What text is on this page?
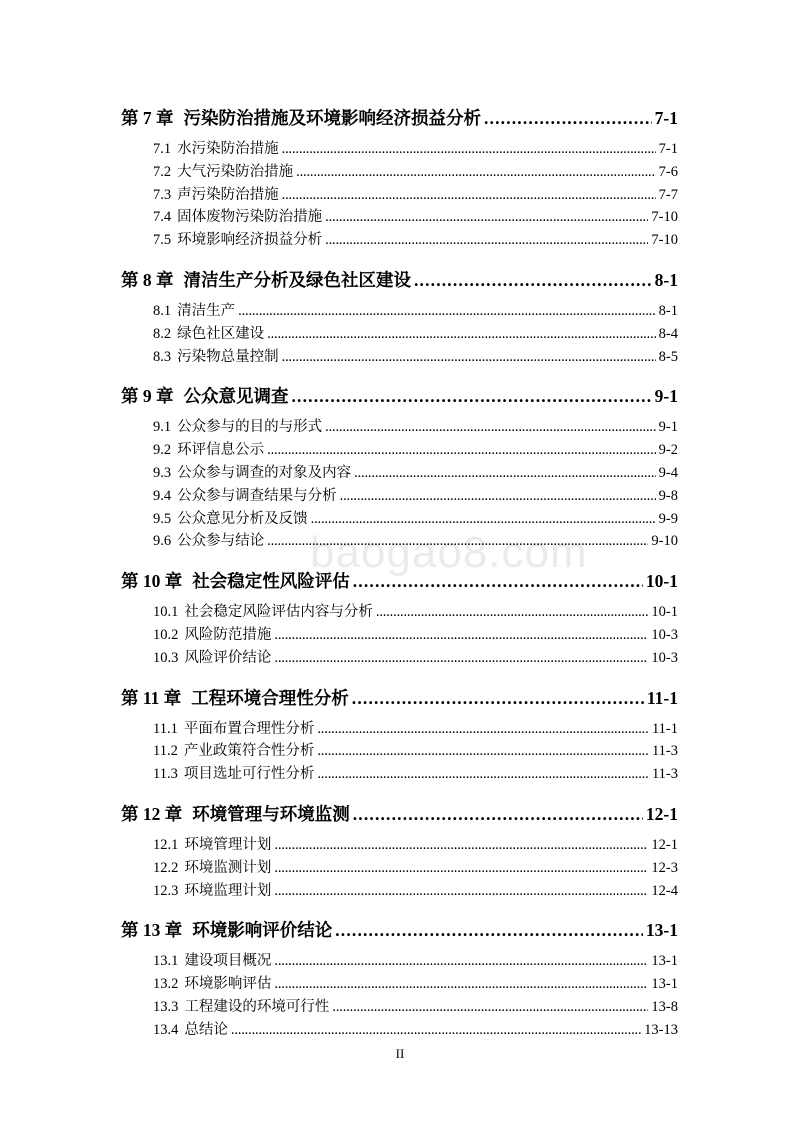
第 7 章 污染防治措施及环境影响经济损益分析 . . .	7-1
7.1 水污染防治措施 . . .	7-1
7.2 大气污染防治措施 . . .	7-6
7.3 声污染防治措施 . . .	7-7
7.4 固体废物污染防治措施 . . .	7-10
7.5 环境影响经济损益分析 . . .	7-10
第 8 章 清洁生产分析及绿色社区建设 . . .	8-1
8.1 清洁生产 . . .	8-1
8.2 绿色社区建设 . . .	8-4
8.3 污染物总量控制 . . .	8-5
第 9 章 公众意见调查 . . .	9-1
9.1 公众参与的目的与形式 . . .	9-1
9.2 环评信息公示 . . .	9-2
9.3 公众参与调查的对象及内容 . . .	9-4
9.4 公众参与调查结果与分析 . . .	9-8
9.5 公众意见分析及反馈 . . .	9-9
9.6 公众参与结论 . . .	9-10
第 10 章 社会稳定性风险评估 . . .	10-1
10.1 社会稳定风险评估内容与分析 . . .	10-1
10.2 风险防范措施 . . .	10-3
10.3 风险评价结论 . . .	10-3
第 11 章 工程环境合理性分析 . . .	11-1
11.1 平面布置合理性分析 . . .	11-1
11.2 产业政策符合性分析 . . .	11-3
11.3 项目选址可行性分析 . . .	11-3
第 12 章 环境管理与环境监测 . . .	12-1
12.1 环境管理计划 . . .	12-1
12.2 环境监测计划 . . .	12-3
12.3 环境监理计划 . . .	12-4
第 13 章 环境影响评价结论 . . .	13-1
13.1 建设项目概况 . . .	13-1
13.2 环境影响评估 . . .	13-1
13.3 工程建设的环境可行性 . . .	13-8
13.4 总结论 . . .	13-13
baogao8.com
II
